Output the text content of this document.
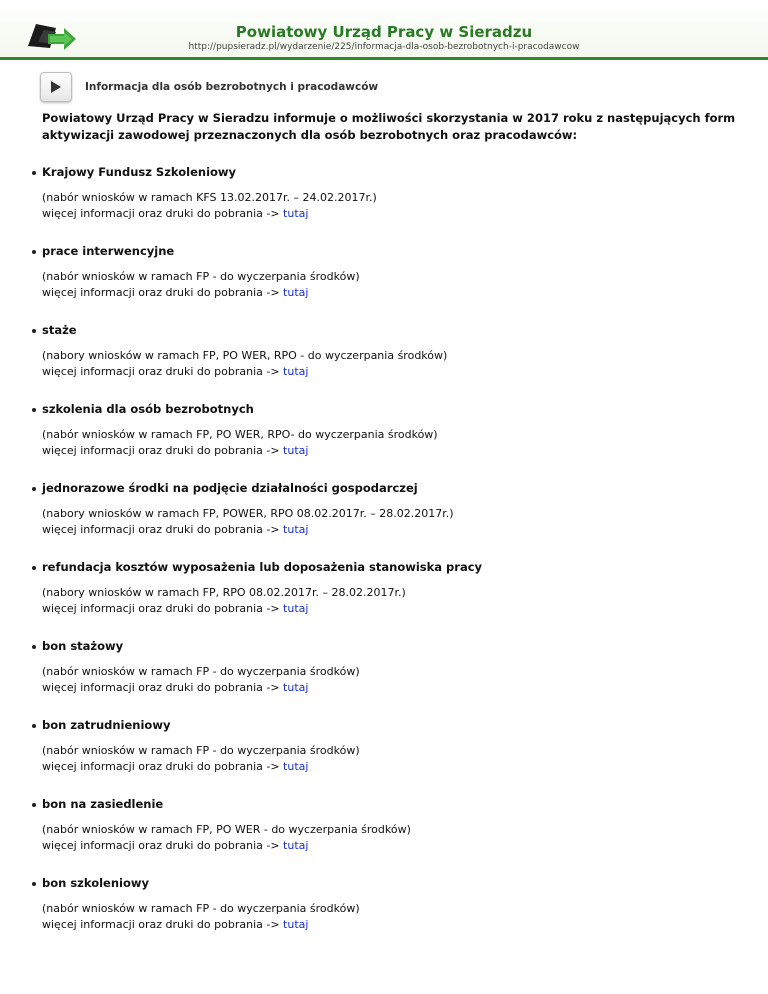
Powiatowy Urząd Pracy w Sieradzu
http://pupsieradz.pl/wydarzenie/225/informacja-dla-osob-bezrobotnych-i-pracodawcow
Informacja dla osób bezrobotnych i pracodawców

Powiatowy Urząd Pracy w Sieradzu informuje o możliwości skorzystania w 2017 roku z następujących form aktywizacji zawodowej przeznaczonych dla osób bezrobotnych oraz pracodawców:

Krajowy Fundusz Szkoleniowy
(nabór wniosków w ramach KFS 13.02.2017r. – 24.02.2017r.)
więcej informacji oraz druki do pobrania -> tutaj
prace interwencyjne
(nabór wniosków w ramach FP - do wyczerpania środków)
więcej informacji oraz druki do pobrania -> tutaj
staże
(nabory wniosków w ramach FP, PO WER, RPO - do wyczerpania środków)
więcej informacji oraz druki do pobrania -> tutaj
szkolenia dla osób bezrobotnych
(nabór wniosków w ramach FP, PO WER, RPO- do wyczerpania środków)
więcej informacji oraz druki do pobrania -> tutaj
jednorazowe środki na podjęcie działalności gospodarczej
(nabory wniosków w ramach FP, POWER, RPO 08.02.2017r. – 28.02.2017r.)
więcej informacji oraz druki do pobrania -> tutaj
refundacja kosztów wyposażenia lub doposażenia stanowiska pracy
(nabory wniosków w ramach FP, RPO 08.02.2017r. – 28.02.2017r.)
więcej informacji oraz druki do pobrania -> tutaj
bon stażowy
(nabór wniosków w ramach FP - do wyczerpania środków)
więcej informacji oraz druki do pobrania -> tutaj
bon zatrudnieniowy
(nabór wniosków w ramach FP - do wyczerpania środków)
więcej informacji oraz druki do pobrania -> tutaj
bon na zasiedlenie
(nabór wniosków w ramach FP, PO WER - do wyczerpania środków)
więcej informacji oraz druki do pobrania -> tutaj
bon szkoleniowy
(nabór wniosków w ramach FP - do wyczerpania środków)
więcej informacji oraz druki do pobrania -> tutaj
